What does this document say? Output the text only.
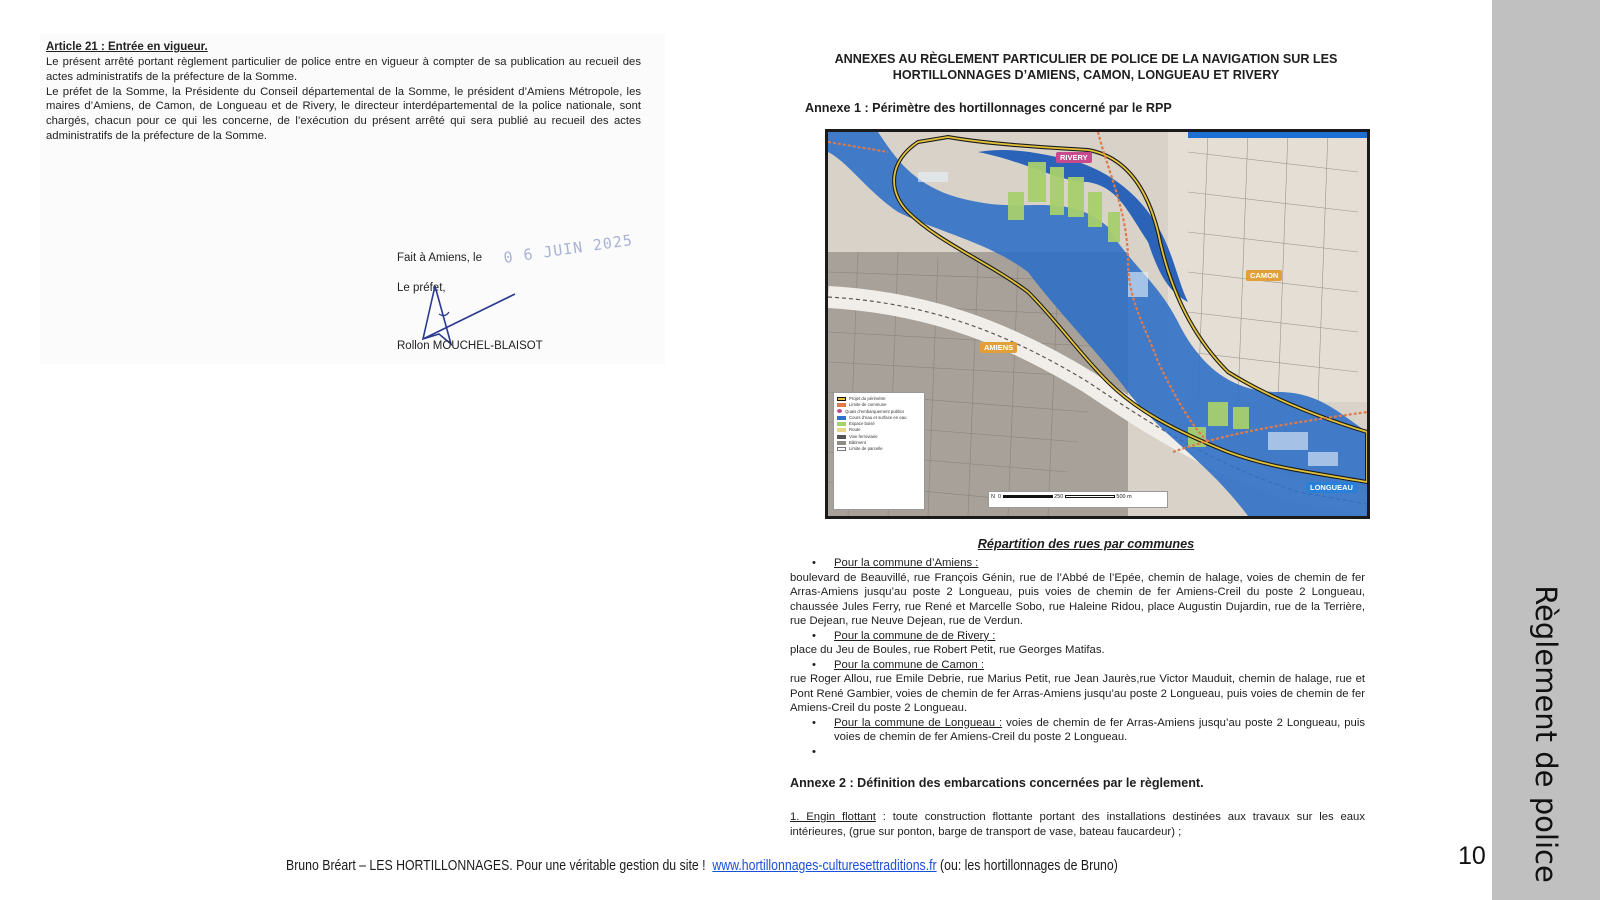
Article 21 : Entrée en vigueur.

Le présent arrêté portant règlement particulier de police entre en vigueur à compter de sa publication au recueil des actes administratifs de la préfecture de la Somme.

Le préfet de la Somme, la Présidente du Conseil départemental de la Somme, le président d’Amiens Métropole, les maires d’Amiens, de Camon, de Longueau et de Rivery, le directeur interdépartemental de la police nationale, sont chargés, chacun pour ce qui les concerne, de l’exécution du présent arrêté qui sera publié au recueil des actes administratifs de la préfecture de la Somme.

Fait à Amiens, le 0 6 JUIN 2025
Le préfet,
Rollon MOUCHEL-BLAISOT
ANNEXES AU RÈGLEMENT PARTICULIER DE POLICE DE LA NAVIGATION SUR LES
HORTILLONNAGES D’AMIENS, CAMON, LONGUEAU ET RIVERY
Annexe 1 : Périmètre des hortillonnages concerné par le RPP
RIVERY
CAMON
AMIENS
LONGUEAU
Projet du périmètre
Limite de commune
Quais d’embarquement publics
Cours d’eau et surface en eau
Espace boisé
Route
Voie ferroviaire
Bâtiment
Limite de parcelle
N 0	250	500 m
Répartition des rues par communes
• Pour la commune d’Amiens :

boulevard de Beauvillé, rue François Génin, rue de l’Abbé de l’Epée, chemin de halage, voies de chemin de fer Arras-Amiens jusqu’au poste 2 Longueau, puis voies de chemin de fer Amiens-Creil du poste 2 Longueau, chaussée Jules Ferry, rue René et Marcelle Sobo, rue Haleine Ridou, place Augustin Dujardin, rue de la Terrière, rue Dejean, rue Neuve Dejean, rue de Verdun.

• Pour la commune de de Rivery :

place du Jeu de Boules, rue Robert Petit, rue Georges Matifas.

• Pour la commune de Camon :

rue Roger Allou, rue Emile Debrie, rue Marius Petit, rue Jean Jaurès,rue Victor Mauduit, chemin de halage, rue et Pont René Gambier, voies de chemin de fer Arras-Amiens jusqu’au poste 2 Longueau, puis voies de chemin de fer Amiens-Creil du poste 2 Longueau.

• Pour la commune de Longueau : voies de chemin de fer Arras-Amiens jusqu’au poste 2 Longueau, puis voies de chemin de fer Amiens-Creil du poste 2 Longueau.
•
Annexe 2 : Définition des embarcations concernées par le règlement.
1. Engin flottant : toute construction flottante portant des installations destinées aux travaux sur les eaux intérieures, (grue sur ponton, barge de transport de vase, bateau faucardeur) ;
Bruno Bréart – LES HORTILLONNAGES. Pour une véritable gestion du site ! www.hortillonnages-culturesettraditions.fr (ou: les hortillonnages de Bruno)	10 Règlement de police
